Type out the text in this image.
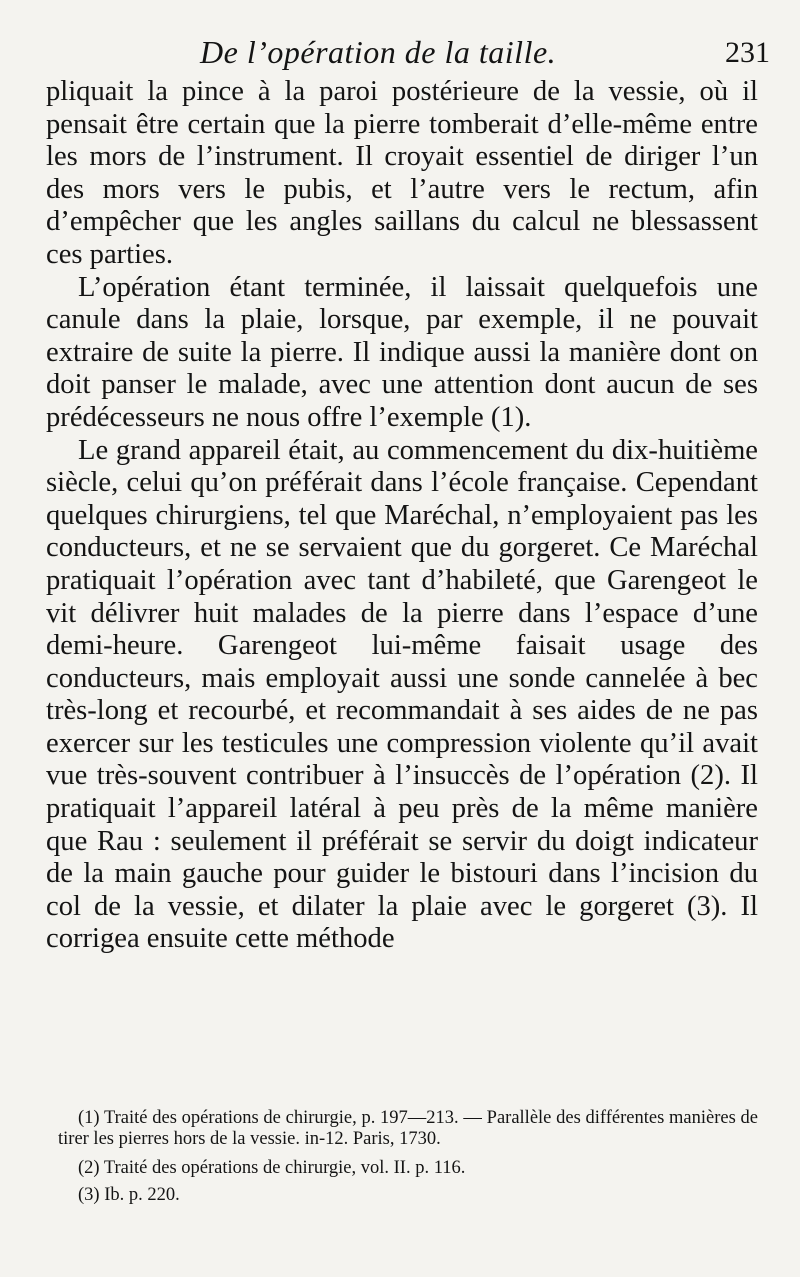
De l’opération de la taille.	231

pliquait la pince à la paroi postérieure de la vessie, où il pensait être certain que la pierre tomberait d’elle-même entre les mors de l’instrument. Il croyait essentiel de diriger l’un des mors vers le pubis, et l’autre vers le rectum, afin d’empêcher que les angles saillans du calcul ne blessassent ces parties.

L’opération étant terminée, il laissait quelquefois une canule dans la plaie, lorsque, par exemple, il ne pouvait extraire de suite la pierre. Il indique aussi la manière dont on doit panser le malade, avec une attention dont aucun de ses prédécesseurs ne nous offre l’exemple (1).

Le grand appareil était, au commencement du dix-huitième siècle, celui qu’on préférait dans l’école française. Cependant quelques chirurgiens, tel que Maréchal, n’employaient pas les conducteurs, et ne se servaient que du gorgeret. Ce Maréchal pratiquait l’opération avec tant d’habileté, que Garengeot le vit délivrer huit malades de la pierre dans l’espace d’une demi-heure. Garengeot lui-même faisait usage des conducteurs, mais employait aussi une sonde cannelée à bec très-long et recourbé, et recommandait à ses aides de ne pas exercer sur les testicules une compression violente qu’il avait vue très-souvent contribuer à l’insuccès de l’opération (2). Il pratiquait l’appareil latéral à peu près de la même manière que Rau : seulement il préférait se servir du doigt indicateur de la main gauche pour guider le bistouri dans l’incision du col de la vessie, et dilater la plaie avec le gorgeret (3). Il corrigea ensuite cette méthode

(1) Traité des opérations de chirurgie, p. 197—213. — Parallèle des différentes manières de tirer les pierres hors de la vessie. in-12. Paris, 1730.

(2) Traité des opérations de chirurgie, vol. II. p. 116.

(3) Ib. p. 220.
